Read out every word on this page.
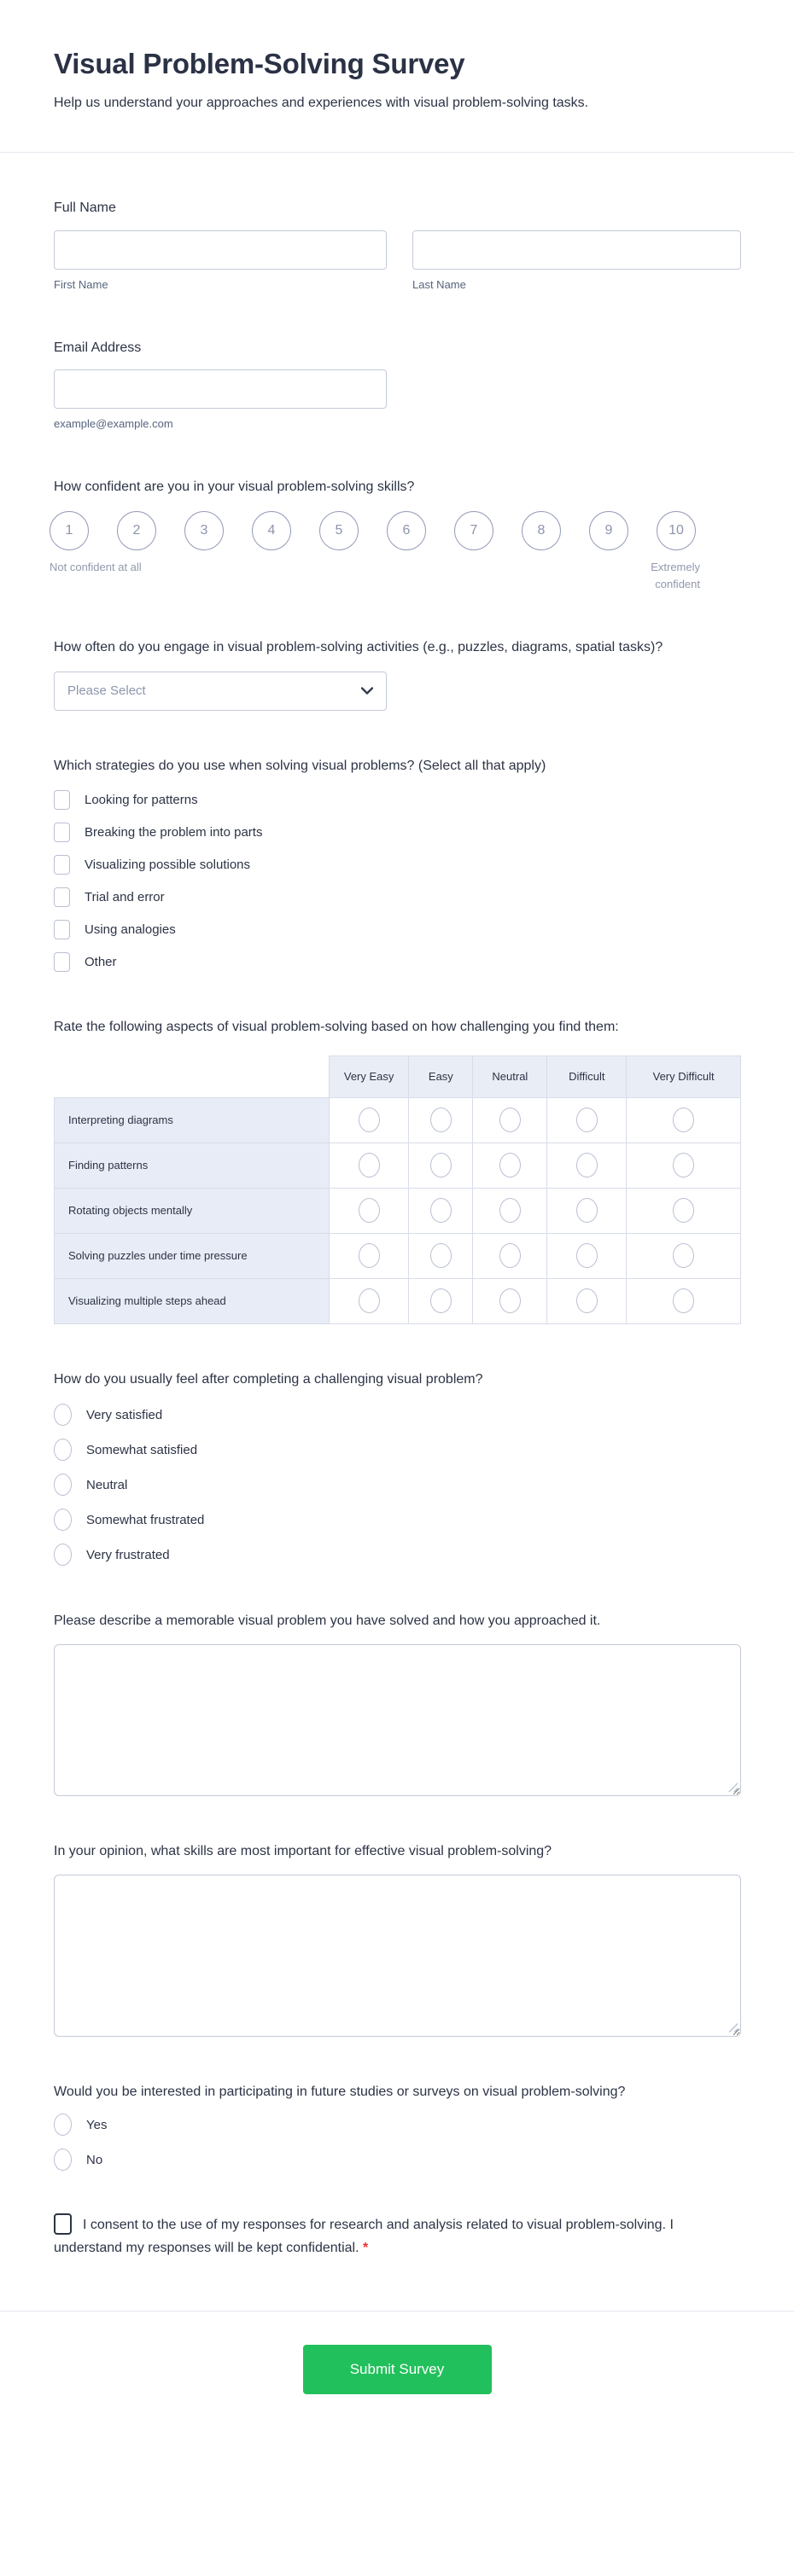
Visual Problem-Solving Survey

Help us understand your approaches and experiences with visual problem-solving tasks.

Full Name

First Name	Last Name

Email Address

example@example.com

How confident are you in your visual problem-solving skills?

1	2	3	4	5	6	7	8	9	10
Not confident at all	Extremely confident

How often do you engage in visual problem-solving activities (e.g., puzzles, diagrams, spatial tasks)?

Please Select

Which strategies do you use when solving visual problems? (Select all that apply)

Looking for patterns
Breaking the problem into parts
Visualizing possible solutions
Trial and error
Using analogies
Other

Rate the following aspects of visual problem-solving based on how challenging you find them:

	Very Easy	Easy	Neutral	Difficult	Very Difficult
Interpreting diagrams					
Finding patterns					
Rotating objects mentally					
Solving puzzles under time pressure					
Visualizing multiple steps ahead					

How do you usually feel after completing a challenging visual problem?

Very satisfied
Somewhat satisfied
Neutral
Somewhat frustrated
Very frustrated

Please describe a memorable visual problem you have solved and how you approached it.

In your opinion, what skills are most important for effective visual problem-solving?

Would you be interested in participating in future studies or surveys on visual problem-solving?

Yes
No

I consent to the use of my responses for research and analysis related to visual problem-solving. I understand my responses will be kept confidential. *

Submit Survey
